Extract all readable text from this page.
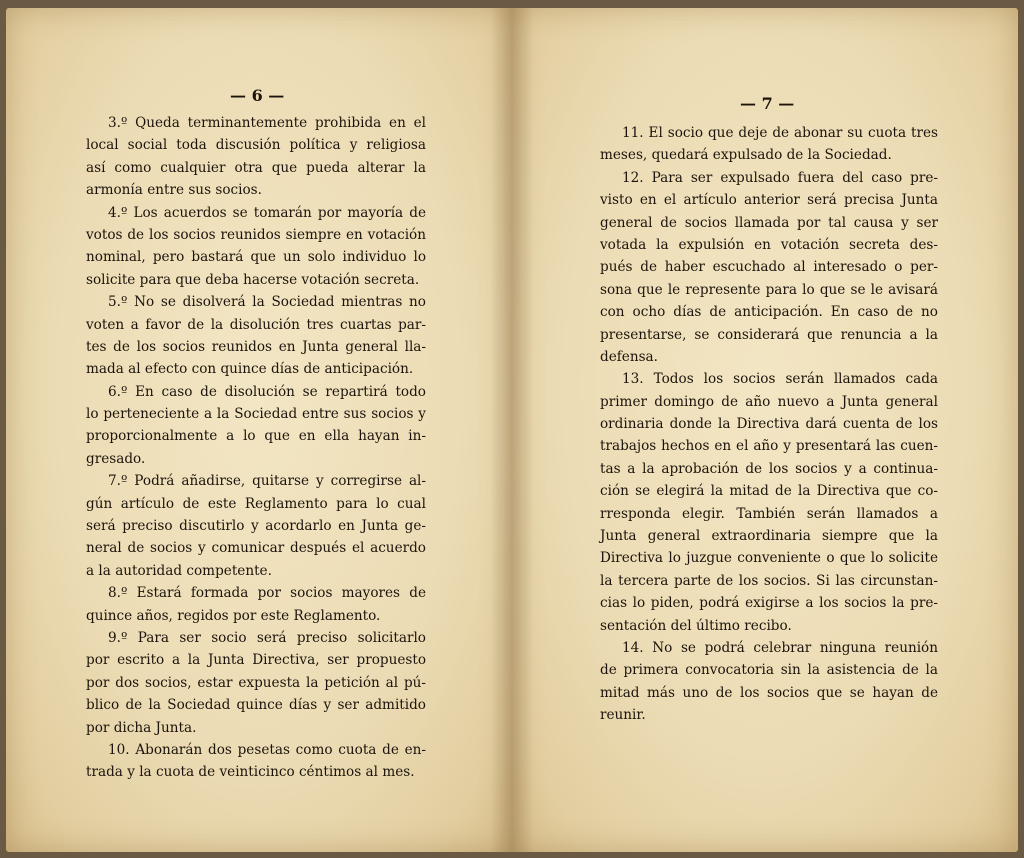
— 6 —
3.º Queda terminantemente prohibida en el
local social toda discusión política y religiosa
así como cualquier otra que pueda alterar la
armonía entre sus socios.
4.º Los acuerdos se tomarán por mayoría de
votos de los socios reunidos siempre en votación
nominal, pero bastará que un solo individuo lo
solicite para que deba hacerse votación secreta.
5.º No se disolverá la Sociedad mientras no
voten a favor de la disolución tres cuartas par-
tes de los socios reunidos en Junta general lla-
mada al efecto con quince días de anticipación.
6.º En caso de disolución se repartirá todo
lo perteneciente a la Sociedad entre sus socios y
proporcionalmente a lo que en ella hayan in-
gresado.
7.º Podrá añadirse, quitarse y corregirse al-
gún artículo de este Reglamento para lo cual
será preciso discutirlo y acordarlo en Junta ge-
neral de socios y comunicar después el acuerdo
a la autoridad competente.
8.º Estará formada por socios mayores de
quince años, regidos por este Reglamento.
9.º Para ser socio será preciso solicitarlo
por escrito a la Junta Directiva, ser propuesto
por dos socios, estar expuesta la petición al pú-
blico de la Sociedad quince días y ser admitido
por dicha Junta.
10. Abonarán dos pesetas como cuota de en-
trada y la cuota de veinticinco céntimos al mes.
— 7 —
11. El socio que deje de abonar su cuota tres
meses, quedará expulsado de la Sociedad.
12. Para ser expulsado fuera del caso pre-
visto en el artículo anterior será precisa Junta
general de socios llamada por tal causa y ser
votada la expulsión en votación secreta des-
pués de haber escuchado al interesado o per-
sona que le represente para lo que se le avisará
con ocho días de anticipación. En caso de no
presentarse, se considerará que renuncia a la
defensa.
13. Todos los socios serán llamados cada
primer domingo de año nuevo a Junta general
ordinaria donde la Directiva dará cuenta de los
trabajos hechos en el año y presentará las cuen-
tas a la aprobación de los socios y a continua-
ción se elegirá la mitad de la Directiva que co-
rresponda elegir. También serán llamados a
Junta general extraordinaria siempre que la
Directiva lo juzgue conveniente o que lo solicite
la tercera parte de los socios. Si las circunstan-
cias lo piden, podrá exigirse a los socios la pre-
sentación del último recibo.
14. No se podrá celebrar ninguna reunión
de primera convocatoria sin la asistencia de la
mitad más uno de los socios que se hayan de
reunir.
